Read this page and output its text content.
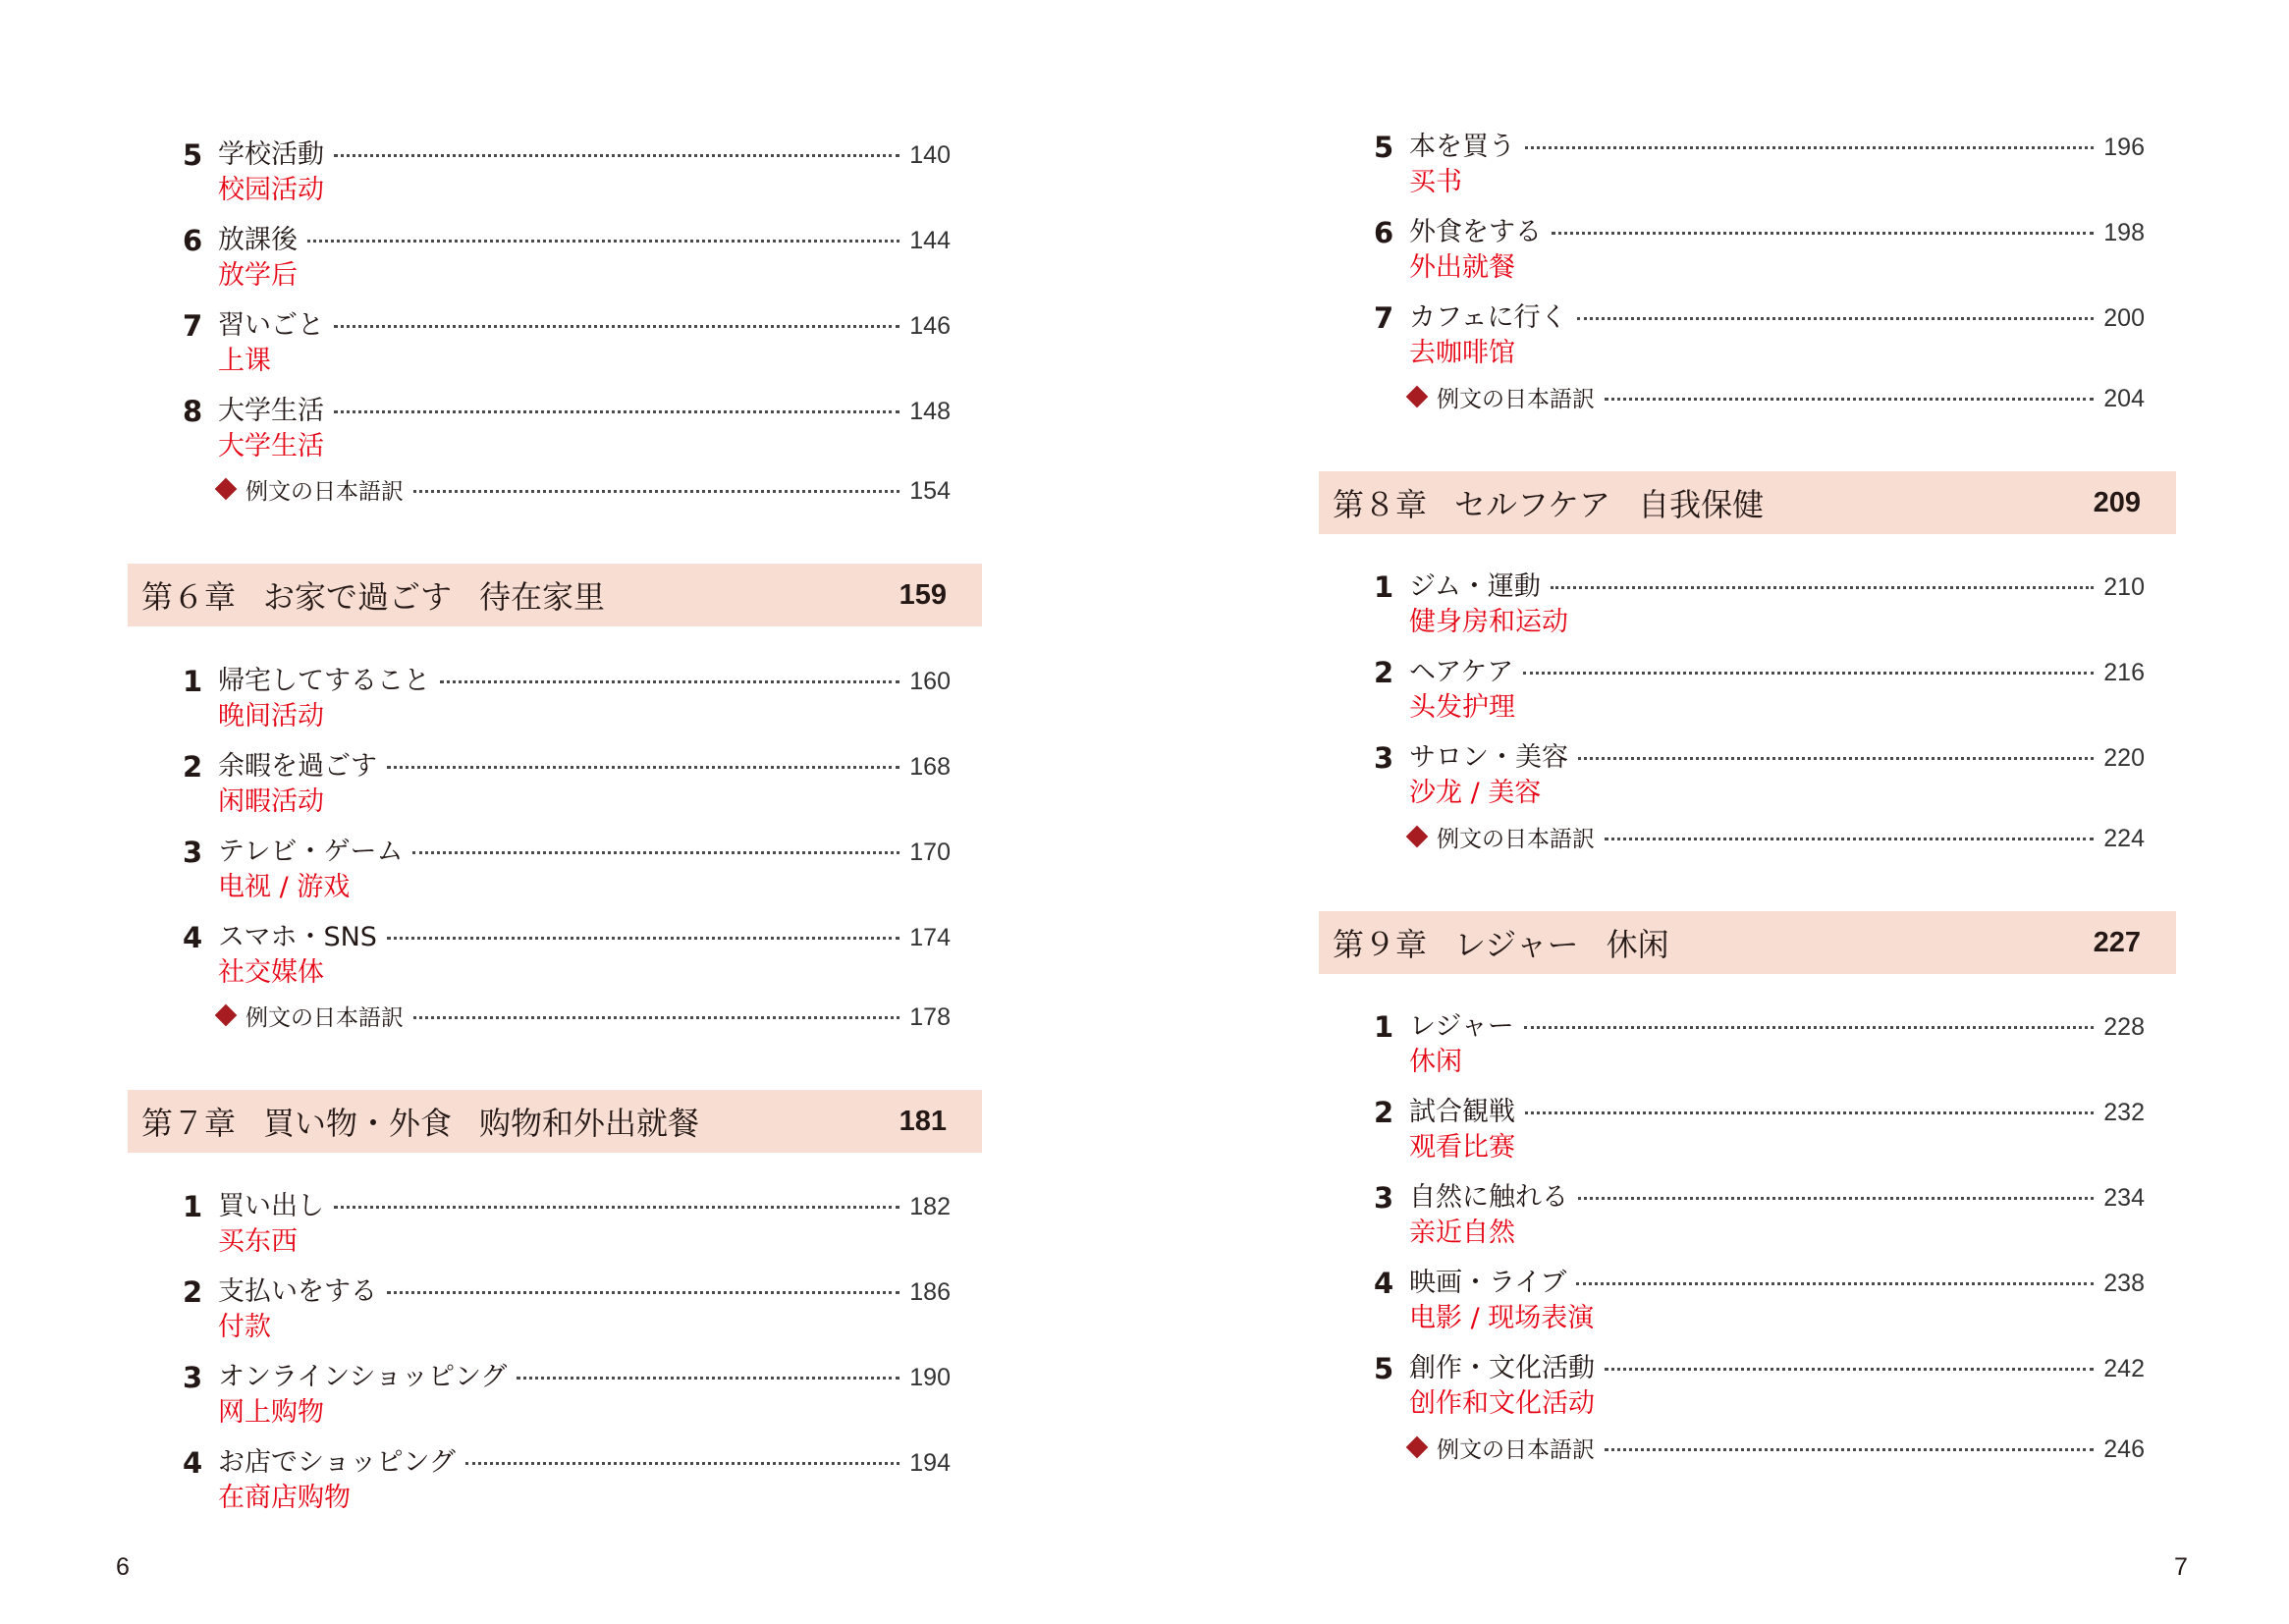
5 学校活動	140
校园活动
6 放課後	144
放学后
7 習いごと	146
上课
8 大学生活	148
大学生活
例文の日本語訳	154
第６章 お家で過ごす 待在家里	159
1 帰宅してすること	160
晚间活动
2 余暇を過ごす	168
闲暇活动
3 テレビ・ゲーム	170
电视 / 游戏
4 スマホ・SNS	174
社交媒体
例文の日本語訳	178
第７章 買い物・外食 购物和外出就餐	181
1 買い出し	182
买东西
2 支払いをする	186
付款
3 オンラインショッピング	190
网上购物
4 お店でショッピング	194
在商店购物
6
5 本を買う	196
买书
6 外食をする	198
外出就餐
7 カフェに行く	200
去咖啡馆
例文の日本語訳	204
第８章 セルフケア 自我保健	209
1 ジム・運動	210
健身房和运动
2 ヘアケア	216
头发护理
3 サロン・美容	220
沙龙 / 美容
例文の日本語訳	224
第９章 レジャー 休闲	227
1 レジャー	228
休闲
2 試合観戦	232
观看比赛
3 自然に触れる	234
亲近自然
4 映画・ライブ	238
电影 / 现场表演
5 創作・文化活動	242
创作和文化活动
例文の日本語訳	246
7
